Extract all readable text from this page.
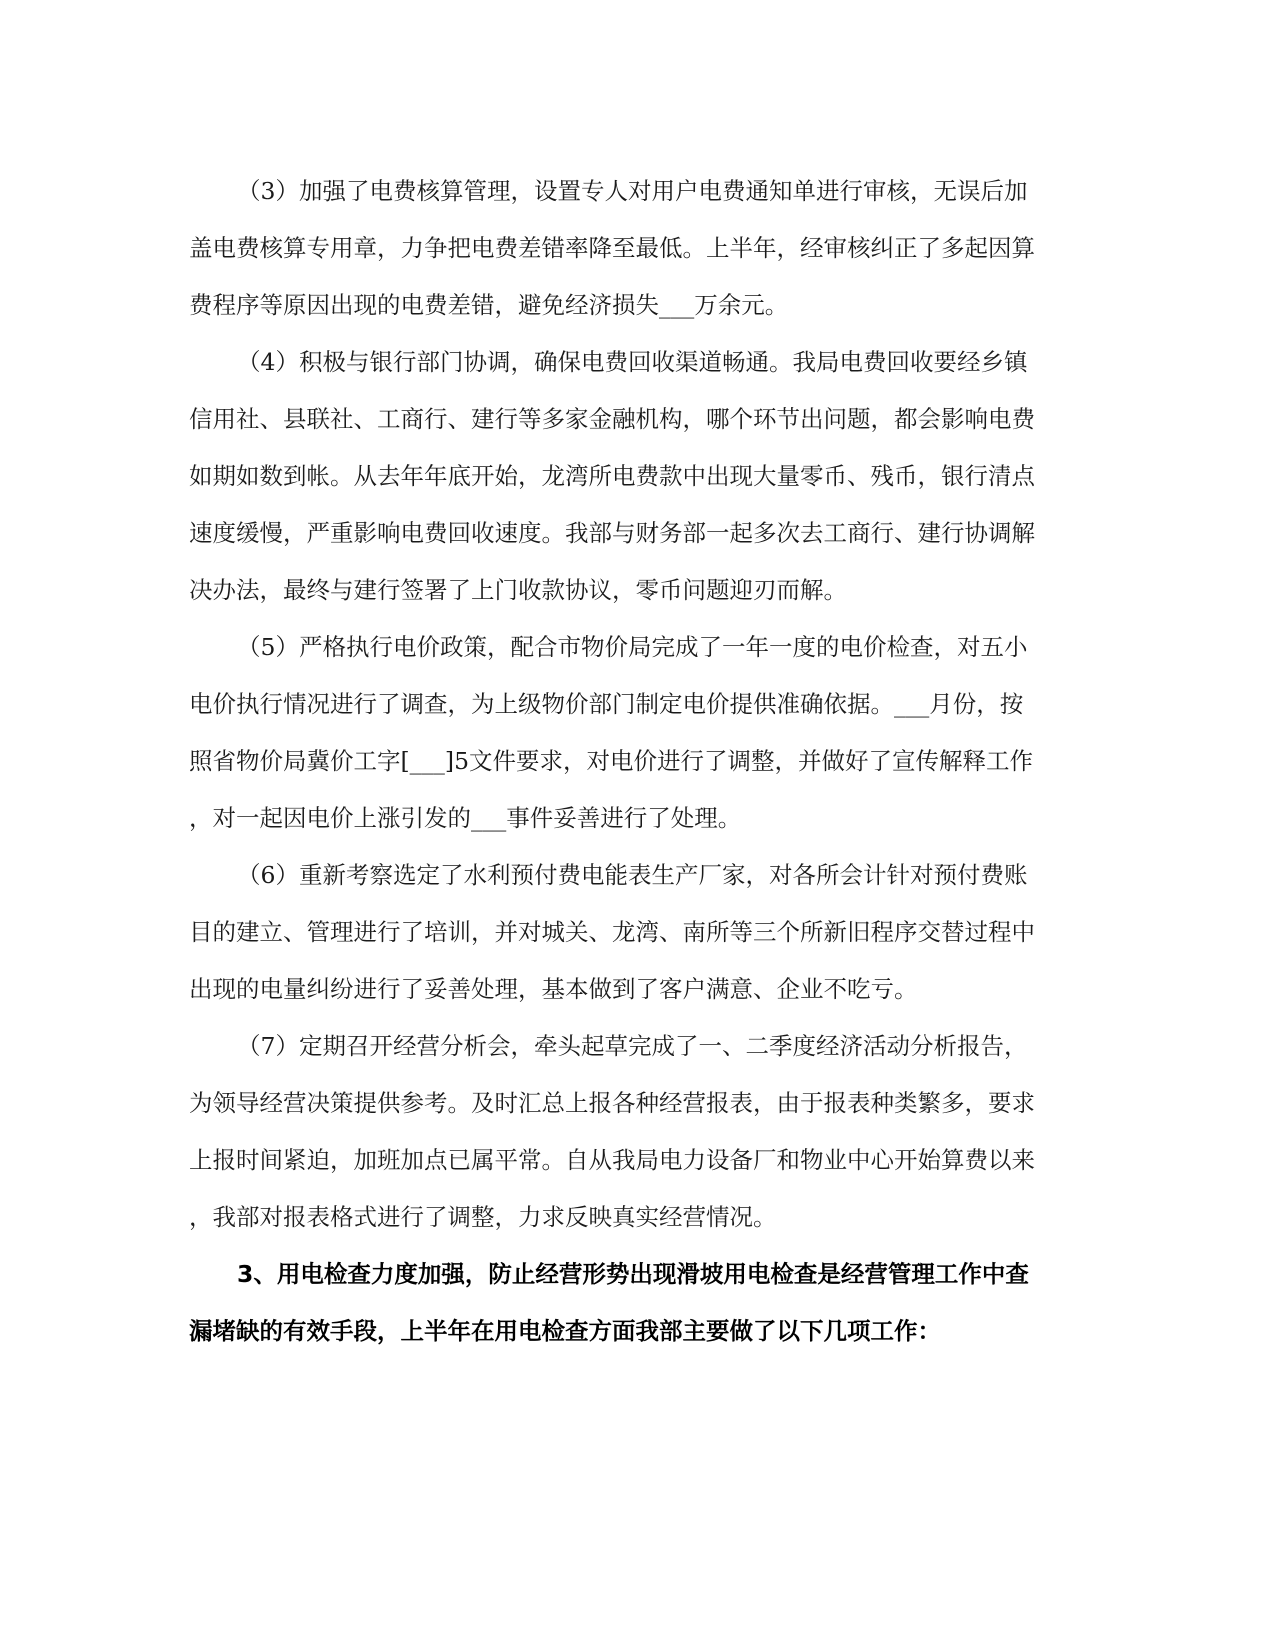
（3）加强了电费核算管理，设置专人对用户电费通知单进行审核，无误后加
盖电费核算专用章，力争把电费差错率降至最低。上半年，经审核纠正了多起因算
费程序等原因出现的电费差错，避免经济损失___万余元。
（4）积极与银行部门协调，确保电费回收渠道畅通。我局电费回收要经乡镇
信用社、县联社、工商行、建行等多家金融机构，哪个环节出问题，都会影响电费
如期如数到帐。从去年年底开始，龙湾所电费款中出现大量零币、残币，银行清点
速度缓慢，严重影响电费回收速度。我部与财务部一起多次去工商行、建行协调解
决办法，最终与建行签署了上门收款协议，零币问题迎刃而解。
（5）严格执行电价政策，配合市物价局完成了一年一度的电价检查，对五小
电价执行情况进行了调查，为上级物价部门制定电价提供准确依据。___月份，按
照省物价局冀价工字[___]5文件要求，对电价进行了调整，并做好了宣传解释工作
，对一起因电价上涨引发的___事件妥善进行了处理。
（6）重新考察选定了水利预付费电能表生产厂家，对各所会计针对预付费账
目的建立、管理进行了培训，并对城关、龙湾、南所等三个所新旧程序交替过程中
出现的电量纠纷进行了妥善处理，基本做到了客户满意、企业不吃亏。
（7）定期召开经营分析会，牵头起草完成了一、二季度经济活动分析报告，
为领导经营决策提供参考。及时汇总上报各种经营报表，由于报表种类繁多，要求
上报时间紧迫，加班加点已属平常。自从我局电力设备厂和物业中心开始算费以来
，我部对报表格式进行了调整，力求反映真实经营情况。
3、用电检查力度加强，防止经营形势出现滑坡用电检查是经营管理工作中查
漏堵缺的有效手段，上半年在用电检查方面我部主要做了以下几项工作：
